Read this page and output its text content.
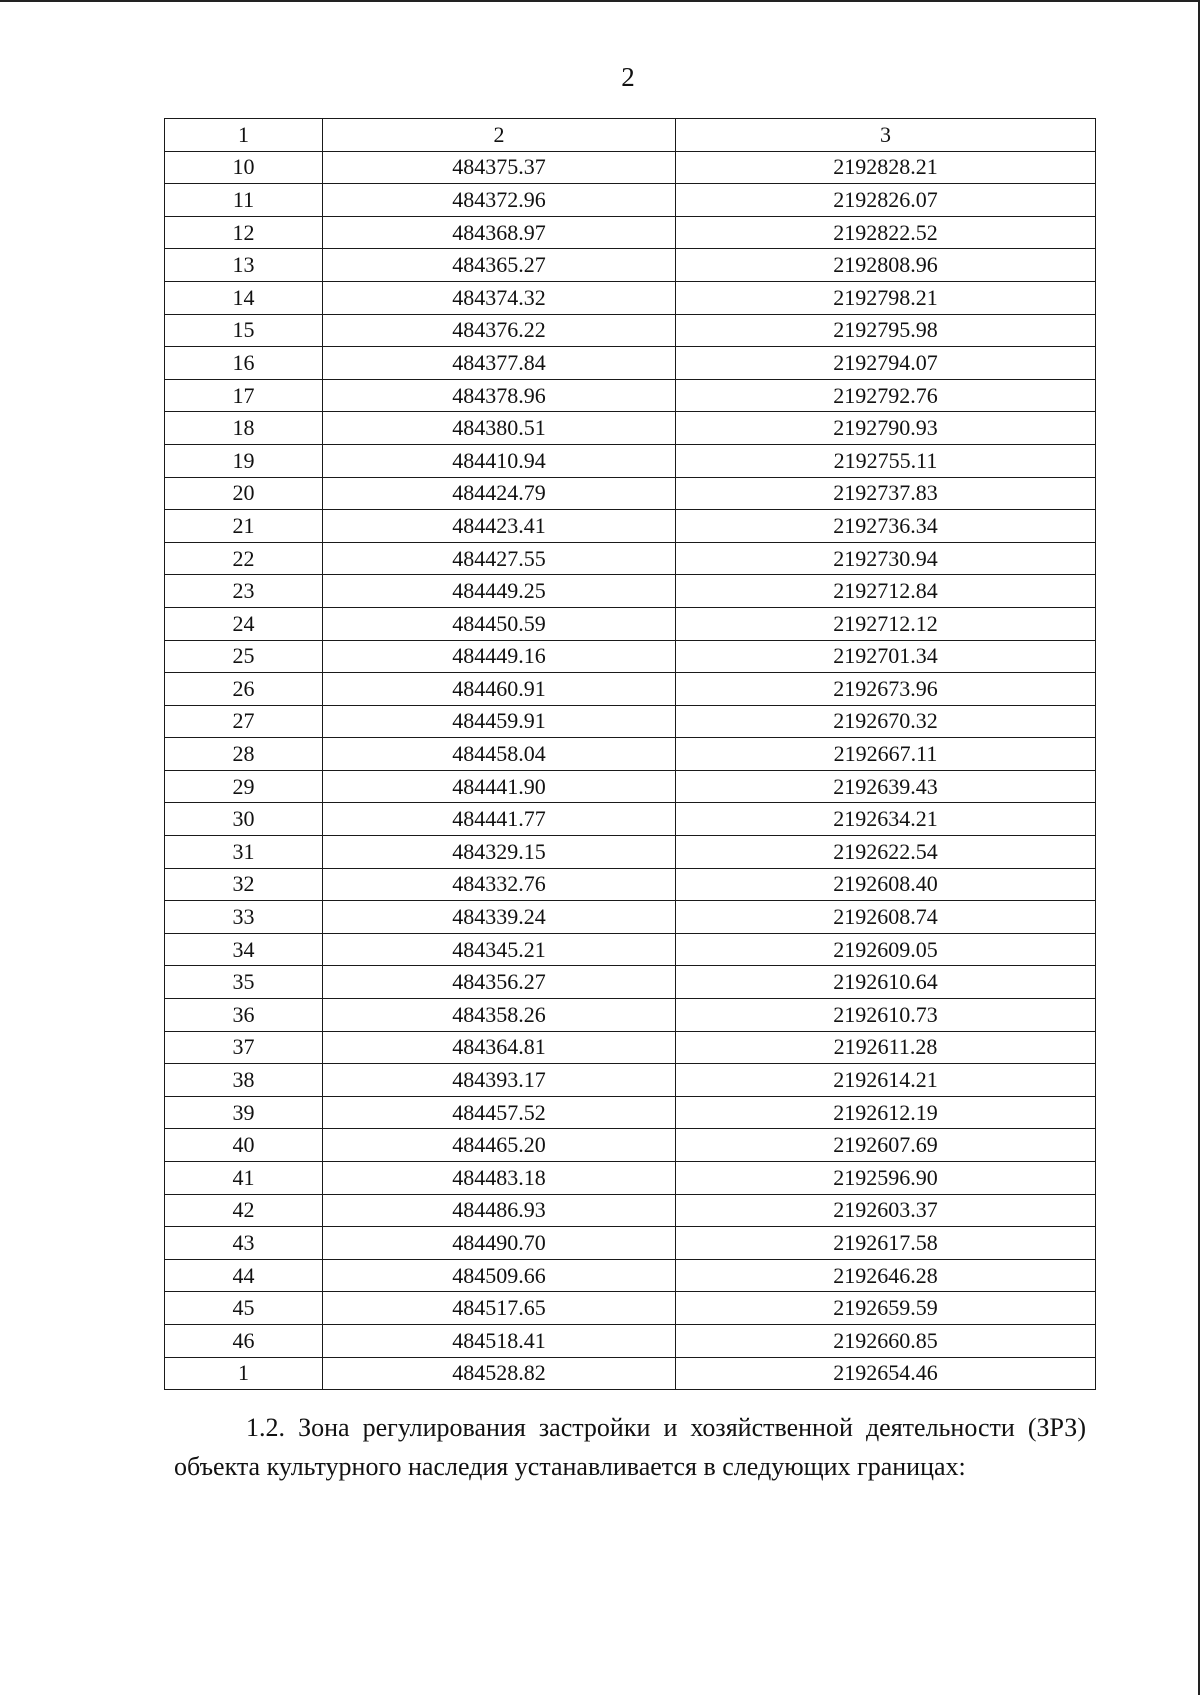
2
1	2	3
10	484375.37	2192828.21
11	484372.96	2192826.07
12	484368.97	2192822.52
13	484365.27	2192808.96
14	484374.32	2192798.21
15	484376.22	2192795.98
16	484377.84	2192794.07
17	484378.96	2192792.76
18	484380.51	2192790.93
19	484410.94	2192755.11
20	484424.79	2192737.83
21	484423.41	2192736.34
22	484427.55	2192730.94
23	484449.25	2192712.84
24	484450.59	2192712.12
25	484449.16	2192701.34
26	484460.91	2192673.96
27	484459.91	2192670.32
28	484458.04	2192667.11
29	484441.90	2192639.43
30	484441.77	2192634.21
31	484329.15	2192622.54
32	484332.76	2192608.40
33	484339.24	2192608.74
34	484345.21	2192609.05
35	484356.27	2192610.64
36	484358.26	2192610.73
37	484364.81	2192611.28
38	484393.17	2192614.21
39	484457.52	2192612.19
40	484465.20	2192607.69
41	484483.18	2192596.90
42	484486.93	2192603.37
43	484490.70	2192617.58
44	484509.66	2192646.28
45	484517.65	2192659.59
46	484518.41	2192660.85
1	484528.82	2192654.46
1.2. Зона регулирования застройки и хозяйственной деятельности (ЗРЗ) объекта культурного наследия устанавливается в следующих границах:
